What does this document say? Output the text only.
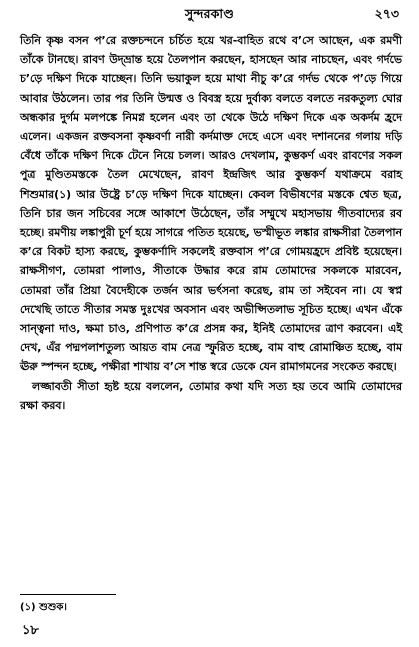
সুন্দরকাণ্ড	২৭৩

তিনি কৃষ্ণ বসন প’রে রক্তচন্দনে চর্চিত হয়ে খর-বাহিত রথে ব’সে আছেন, এক রমণী তাঁকে টানছে। রাবণ উদ্‌ভ্রান্ত হয়ে তৈলপান করছেন, হাসছেন আর নাচছেন, এবং গর্দভে চ’ড়ে দক্ষিণ দিকে যাচ্ছেন। তিনি ভয়াকুল হয়ে মাথা নীচু ক’রে গর্দভ থেকে প’ড়ে গিয়ে আবার উঠলেন। তার পর তিনি উন্মত্ত ও বিবস্ত্র হয়ে দুর্বাক্য বলতে বলতে নরকতুল্য ঘোর অন্ধকার দুর্গম মলপঙ্কে নিমগ্ন হলেন এবং তা থেকে উঠে দক্ষিণ দিকে এক অকর্দম হ্রদে এলেন। একজন রক্তবসনা কৃষ্ণবর্ণা নারী কর্দমাক্ত দেহে এসে এবং দশাননের গলায় দড়ি বেঁধে তাঁকে দক্ষিণ দিকে টেনে নিয়ে চলল। আরও দেখলাম, কুম্ভকর্ণ এবং রাবণের সকল পুত্র মুণ্ডিতমস্তকে তৈল মেখেছেন, রাবণ ইন্দ্রজিৎ আর কুম্ভকর্ণ যথাক্রমে বরাহ শিশুমার(১) আর উষ্ট্রে চ’ড়ে দক্ষিণ দিকে যাচ্ছেন। কেবল বিভীষণের মস্তকে শ্বেত ছত্র, তিনি চার জন সচিবের সঙ্গে আকাশে উঠেছেন, তাঁর সম্মুখে মহাসভায় গীতবাদ্যের রব হচ্ছে। রমণীয় লঙ্কাপুরী চূর্ণ হয়ে সাগরে পতিত হয়েছে, ভস্মীভূত লঙ্কার রাক্ষসীরা তৈলপান ক’রে বিকট হাস্য করছে, কুম্ভকর্ণাদি সকলেই রক্তবাস প’রে গোময়হ্রদে প্রবিষ্ট হয়েছেন। রাক্ষসীগণ, তোমরা পালাও, সীতাকে উদ্ধার করে রাম তোমাদের সকলকে মারবেন, তোমরা তাঁর প্রিয়া বৈদেহীকে তর্জন আর ভর্ৎসনা করেছ, রাম তা সইবেন না। যে স্বপ্ন দেখেছি তাতে সীতার সমস্ত দুঃখের অবসান এবং অভীপ্সিতলাভ সূচিত হচ্ছে। এখন এঁকে সান্ত্বনা দাও, ক্ষমা চাও, প্রণিপাত ক’রে প্রসন্ন কর, ইনিই তোমাদের ত্রাণ করবেন। এই দেখ, এঁর পদ্মপলাশতুল্য আয়ত বাম নেত্র স্ফুরিত হচ্ছে, বাম বাহু রোমাঞ্চিত হচ্ছে, বাম ঊরু স্পন্দন হচ্ছে, পক্ষীরা শাখায় ব’সে শান্ত স্বরে ডেকে যেন রামাগমনের সংকেত করছে।

লজ্জাবতী সীতা হৃষ্ট হয়ে বললেন, তোমার কথা যদি সত্য হয় তবে আমি তোমাদের রক্ষা করব।

(১) শুশুক।
১৮
